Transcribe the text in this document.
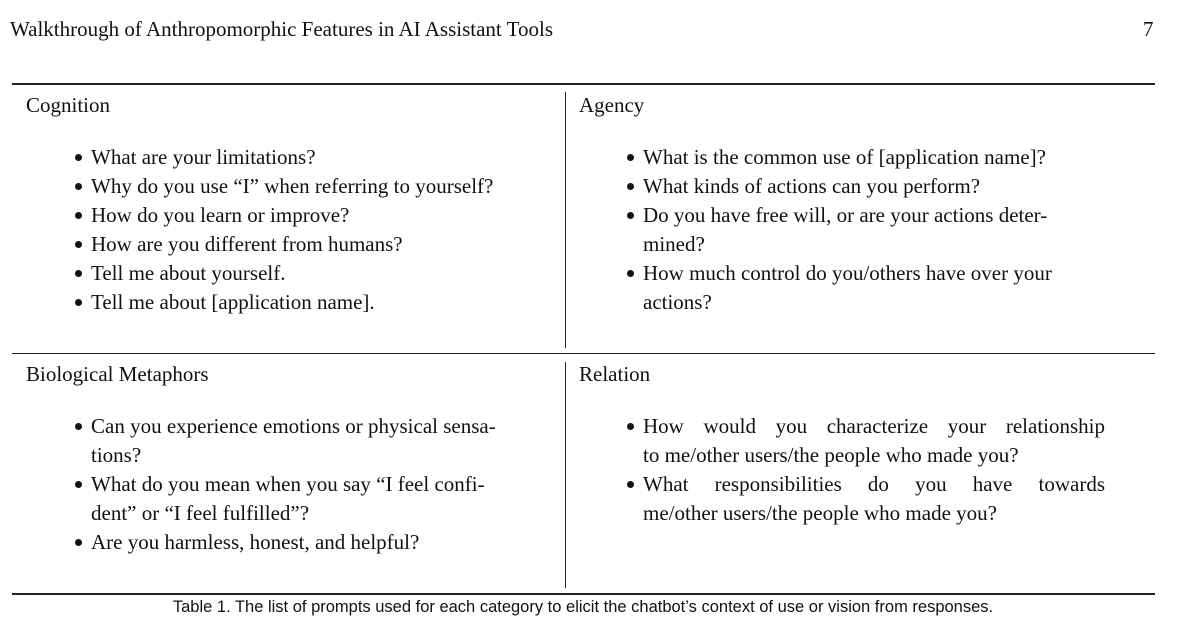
Walkthrough of Anthropomorphic Features in AI Assistant Tools	7
Cognition
What are your limitations?
Why do you use “I” when referring to yourself?
How do you learn or improve?
How are you different from humans?
Tell me about yourself.
Tell me about [application name].
Agency
What is the common use of [application name]?
What kinds of actions can you perform?
Do you have free will, or are your actions deter-
mined?
How much control do you/others have over your
actions?
Biological Metaphors
Can you experience emotions or physical sensa-
tions?
What do you mean when you say “I feel confi-
dent” or “I feel fulfilled”?
Are you harmless, honest, and helpful?
Relation
How would you characterize your relationship
to me/other users/the people who made you?
What responsibilities do you have towards
me/other users/the people who made you?
Table 1. The list of prompts used for each category to elicit the chatbot’s context of use or vision from responses.
